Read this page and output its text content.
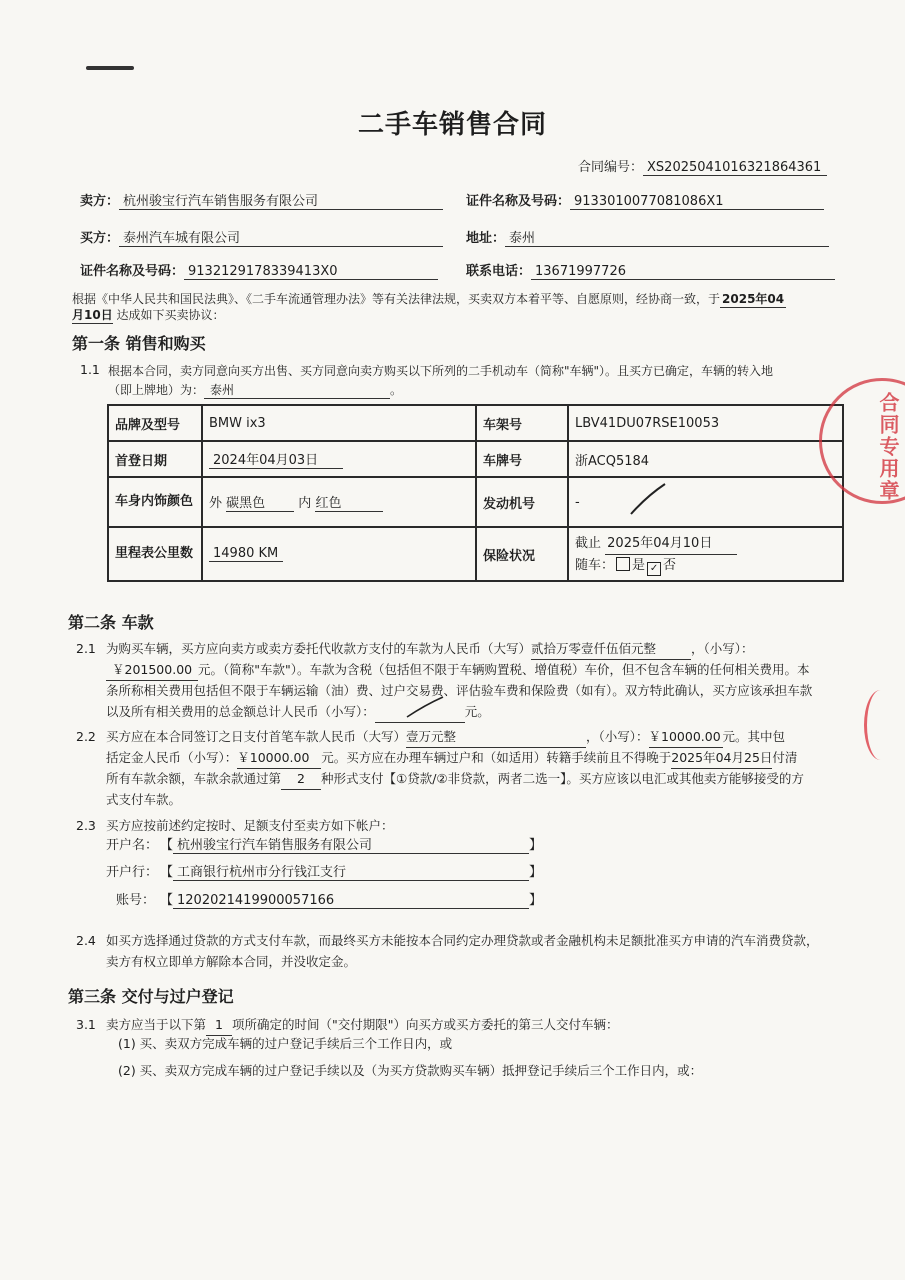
二手车销售合同
合同编号： XS2025041016321864361
卖方： 杭州骏宝行汽车销售服务有限公司	证件名称及号码： 9133010077081086X1
买方： 泰州汽车城有限公司	地址： 泰州
证件名称及号码： 9132129178339413X0	联系电话： 13671997726
根据《中华人民共和国民法典》、《二手车流通管理办法》等有关法律法规，买卖双方本着平等、自愿原则，经协商一致，于 2025年04
月10日 达成如下买卖协议：
第一条 销售和购买
1.1 根据本合同，卖方同意向买方出售、买方同意向卖方购买以下所列的二手机动车（简称"车辆"）。且买方已确定，车辆的转入地
（即上牌地）为： 泰州	。
品牌及型号	BMW ix3	车架号	LBV41DU07RSE10053
首登日期	2024年04月03日	车牌号	浙ACQ5184
车身内饰颜色	外 碳黑色 内 红色	发动机号	-

里程表公里数	14980 KM	保险状况	截止 2025年04月10日
随车： 是 ✓ 否
第二条 车款
2.1 为购买车辆，买方应向卖方或卖方委托代收款方支付的车款为人民币（大写）贰拾万零壹仟伍佰元整	，（小写）：
￥201500.00 元。（简称"车款"）。车款为含税（包括但不限于车辆购置税、增值税）车价，但不包含车辆的任何相关费用。本
条所称相关费用包括但不限于车辆运输（油）费、过户交易费、评估验车费和保险费（如有）。双方特此确认，买方应该承担车款
以及所有相关费用的总金额总计人民币（小写）：	元。
2.2 买方应在本合同签订之日支付首笔车款人民币（大写）壹万元整	，（小写）：￥10000.00 元。其中包
括定金人民币（小写）：￥10000.00 元。买方应在办理车辆过户和（如适用）转籍手续前且不得晚于2025年04月25日付清
所有车款余额，车款余款通过第 2 种形式支付【①贷款/②非贷款，两者二选一】。买方应该以电汇或其他卖方能够接受的方
式支付车款。
2.3 买方应按前述约定按时、足额支付至卖方如下帐户：
开户名： 【 杭州骏宝行汽车销售服务有限公司	】
开户行： 【 工商银行杭州市分行钱江支行	】
账号： 【 1202021419900057166	】
2.4 如买方选择通过贷款的方式支付车款，而最终买方未能按本合同约定办理贷款或者金融机构未足额批准买方申请的汽车消费贷款，
卖方有权立即单方解除本合同，并没收定金。
第三条 交付与过户登记
3.1 卖方应当于以下第 1 项所确定的时间（"交付期限"）向买方或买方委托的第三人交付车辆：
(1) 买、卖双方完成车辆的过户登记手续后三个工作日内，或
(2) 买、卖双方完成车辆的过户登记手续以及（为买方贷款购买车辆）抵押登记手续后三个工作日内，或：
合同专用章
